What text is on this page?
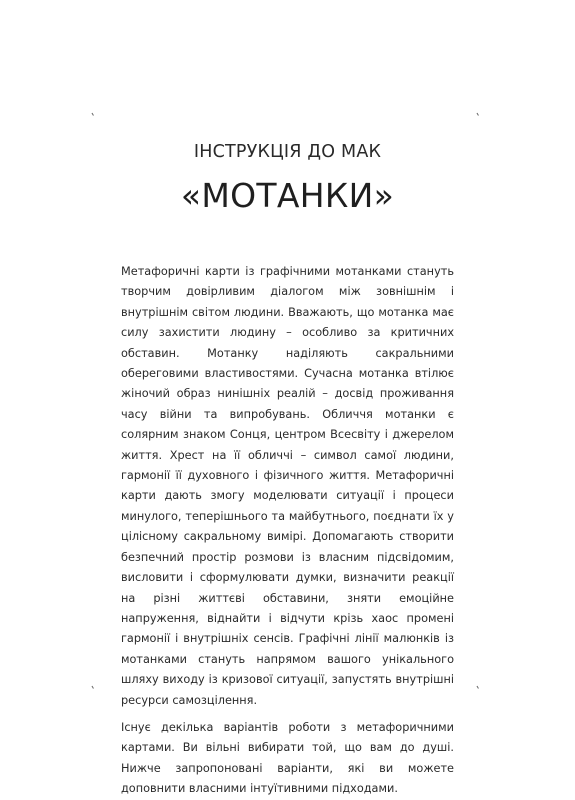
ІНСТРУКЦІЯ ДО МАК
«МОТАНКИ»

Метафоричні карти із графічними мотанками стануть творчим довірливим діалогом між зовнішнім і внутрішнім світом людини. Вважають, що мотанка має силу захистити людину – особливо за критичних обставин. Мотанку наділяють сакральними обереговими властивостями. Сучасна мотанка втілює жіночий образ нинішніх реалій – досвід проживання часу війни та випробувань. Обличчя мотанки є солярним знаком Сонця, центром Всесвіту і джерелом життя. Хрест на її обличчі – символ самої людини, гармонії її духовного і фізичного життя. Метафоричні карти дають змогу моделювати ситуації і процеси минулого, теперішнього та майбутнього, поєднати їх у цілісному сакральному вимірі. Допомагають створити безпечний простір розмови із власним підсвідомим, висловити і сформулювати думки, визначити реакції на різні життєві обставини, зняти емоційне напруження, віднайти і відчути крізь хаос промені гармонії і внутрішніх сенсів. Графічні лінії малюнків із мотанками стануть напрямом вашого унікального шляху виходу із кризової ситуації, запустять внутрішні ресурси самозцілення.

Існує декілька варіантів роботи з метафоричними картами. Ви вільні вибирати той, що вам до душі. Нижче запропоновані варіанти, які ви можете доповнити власними інтуїтивними підходами.
